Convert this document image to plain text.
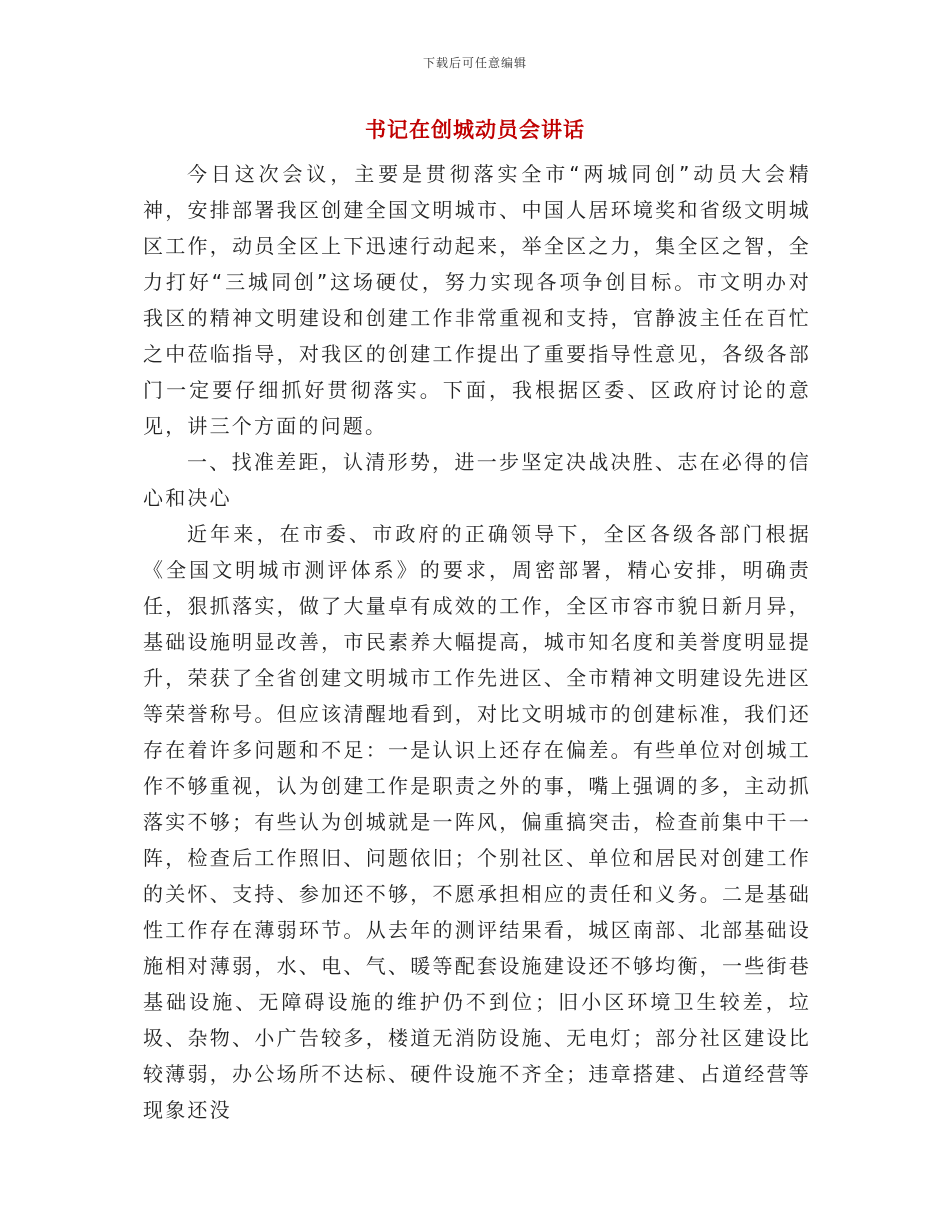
下载后可任意编辑
书记在创城动员会讲话

今日这次会议，主要是贯彻落实全市“两城同创”动员大会精神，安排部署我区创建全国文明城市、中国人居环境奖和省级文明城区工作，动员全区上下迅速行动起来，举全区之力，集全区之智，全力打好“三城同创”这场硬仗，努力实现各项争创目标。市文明办对我区的精神文明建设和创建工作非常重视和支持，官静波主任在百忙之中莅临指导，对我区的创建工作提出了重要指导性意见，各级各部门一定要仔细抓好贯彻落实。下面，我根据区委、区政府讨论的意见，讲三个方面的问题。

一、找准差距，认清形势，进一步坚定决战决胜、志在必得的信心和决心

近年来，在市委、市政府的正确领导下，全区各级各部门根据《全国文明城市测评体系》的要求，周密部署，精心安排，明确责任，狠抓落实，做了大量卓有成效的工作，全区市容市貌日新月异，基础设施明显改善，市民素养大幅提高，城市知名度和美誉度明显提升，荣获了全省创建文明城市工作先进区、全市精神文明建设先进区等荣誉称号。但应该清醒地看到，对比文明城市的创建标准，我们还存在着许多问题和不足：一是认识上还存在偏差。有些单位对创城工作不够重视，认为创建工作是职责之外的事，嘴上强调的多，主动抓落实不够；有些认为创城就是一阵风，偏重搞突击，检查前集中干一阵，检查后工作照旧、问题依旧；个别社区、单位和居民对创建工作的关怀、支持、参加还不够，不愿承担相应的责任和义务。二是基础性工作存在薄弱环节。从去年的测评结果看，城区南部、北部基础设施相对薄弱，水、电、气、暖等配套设施建设还不够均衡，一些街巷基础设施、无障碍设施的维护仍不到位；旧小区环境卫生较差，垃圾、杂物、小广告较多，楼道无消防设施、无电灯；部分社区建设比较薄弱，办公场所不达标、硬件设施不齐全；违章搭建、占道经营等现象还没
